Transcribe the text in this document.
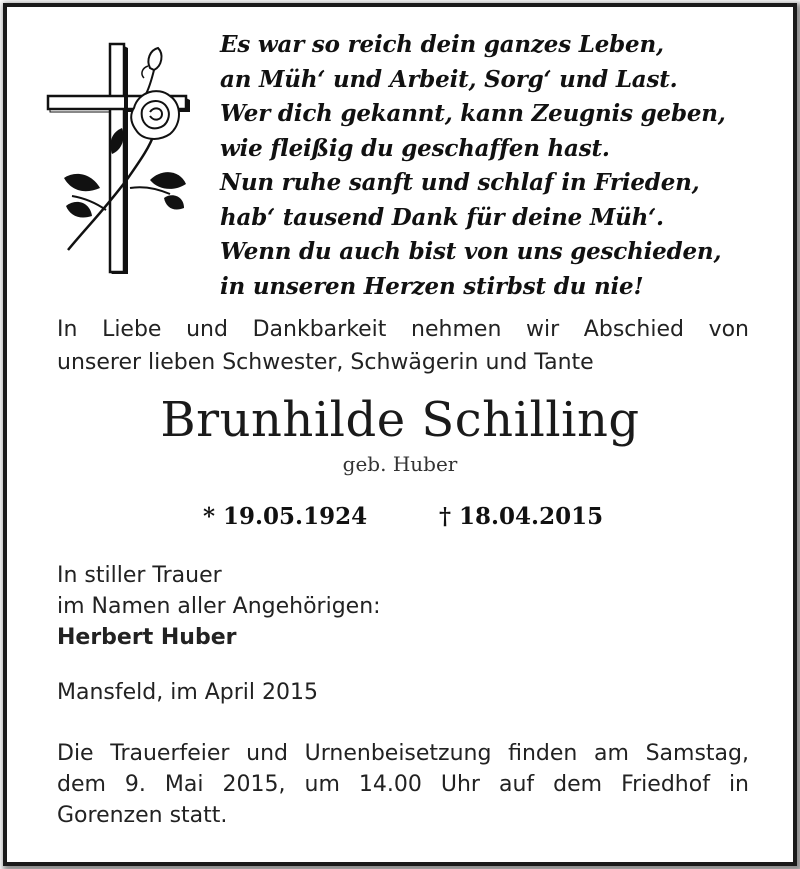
Es war so reich dein ganzes Leben,
an Müh‘ und Arbeit, Sorg‘ und Last.
Wer dich gekannt, kann Zeugnis geben,
wie fleißig du geschaffen hast.
Nun ruhe sanft und schlaf in Frieden,
hab‘ tausend Dank für deine Müh‘.
Wenn du auch bist von uns geschieden,
in unseren Herzen stirbst du nie!
In Liebe und Dankbarkeit nehmen wir Abschied von
unserer lieben Schwester, Schwägerin und Tante
Brunhilde Schilling
geb. Huber
* 19.05.1924	† 18.04.2015
In stiller Trauer
im Namen aller Angehörigen:
Herbert Huber
Mansfeld, im April 2015
Die Trauerfeier und Urnenbeisetzung finden am Samstag,
dem 9. Mai 2015, um 14.00 Uhr auf dem Friedhof in
Gorenzen statt.
